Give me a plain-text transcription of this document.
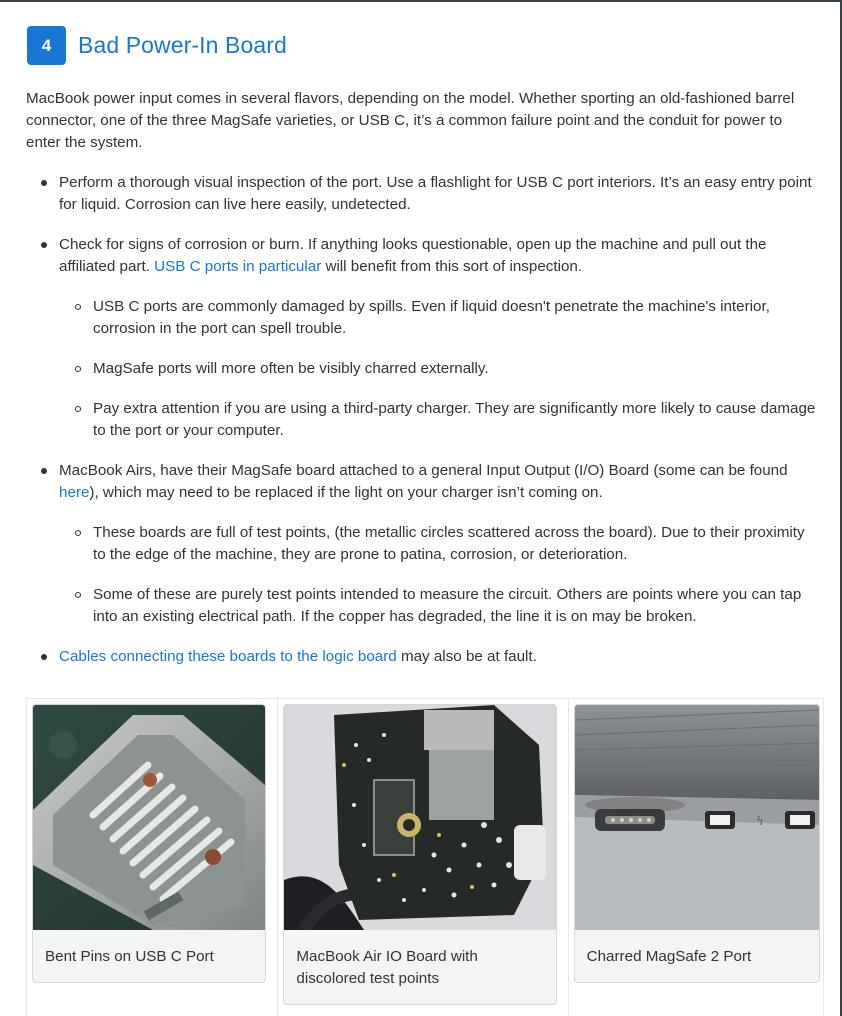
4	Bad Power-In Board

MacBook power input comes in several flavors, depending on the model. Whether sporting an old-fashioned barrel connector, one of the three MagSafe varieties, or USB C, it’s a common failure point and the conduit for power to enter the system.

Perform a thorough visual inspection of the port. Use a flashlight for USB C port interiors. It’s an easy entry point for liquid. Corrosion can live here easily, undetected.
Check for signs of corrosion or burn. If anything looks questionable, open up the machine and pull out the affiliated part. USB C ports in particular will benefit from this sort of inspection.
USB C ports are commonly damaged by spills. Even if liquid doesn't penetrate the machine's interior, corrosion in the port can spell trouble.
MagSafe ports will more often be visibly charred externally.
Pay extra attention if you are using a third-party charger. They are significantly more likely to cause damage to the port or your computer.
MacBook Airs, have their MagSafe board attached to a general Input Output (I/O) Board (some can be found here), which may need to be replaced if the light on your charger isn’t coming on.
These boards are full of test points, (the metallic circles scattered across the board). Due to their proximity to the edge of the machine, they are prone to patina, corrosion, or deterioration.
Some of these are purely test points intended to measure the circuit. Others are points where you can tap into an existing electrical path. If the copper has degraded, the line it is on may be broken.
Cables connecting these boards to the logic board may also be at fault.
Bent Pins on USB C Port	MacBook Air IO Board with discolored test points
ϟ
Charred MagSafe 2 Port
